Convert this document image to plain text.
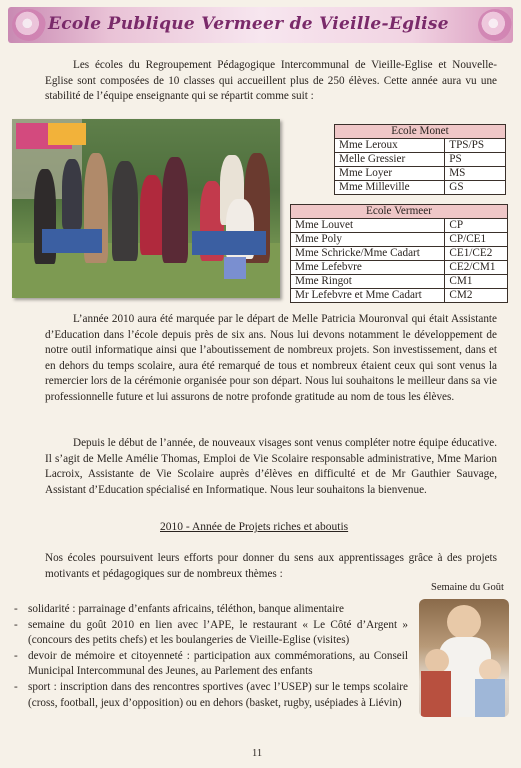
Ecole Publique Vermeer de Vieille-Eglise
Les écoles du Regroupement Pédagogique Intercommunal de Vieille-Eglise et Nouvelle-Eglise sont composées de 10 classes qui accueillent plus de 250 élèves. Cette année aura vu une stabilité de l’équipe enseignante qui se répartit comme suit :
Ecole Monet	
Mme Leroux	TPS/PS
Melle Gressier	PS
Mme Loyer	MS
Mme Milleville	GS
Ecole Vermeer	
Mme Louvet	CP
Mme Poly	CP/CE1
Mme Schricke/Mme Cadart	CE1/CE2
Mme Lefebvre	CE2/CM1
Mme Ringot	CM1
Mr Lefebvre et Mme Cadart	CM2
L’année 2010 aura été marquée par le départ de Melle Patricia Mouronval qui était Assistante d’Education dans l’école depuis près de six ans. Nous lui devons notamment le développement de notre outil informatique ainsi que l’aboutissement de nombreux projets. Son investissement, dans et en dehors du temps scolaire, aura été remarqué de tous et nombreux étaient ceux qui sont venus la remercier lors de la cérémonie organisée pour son départ. Nous lui souhaitons le meilleur dans sa vie professionnelle future et lui assurons de notre profonde gratitude au nom de tous les élèves.
Depuis le début de l’année, de nouveaux visages sont venus compléter notre équipe éducative. Il s’agit de Melle Amélie Thomas, Emploi de Vie Scolaire responsable administrative, Mme Marion Lacroix, Assistante de Vie Scolaire auprès d’élèves en difficulté et de Mr Gauthier Sauvage, Assistant d’Education spécialisé en Informatique. Nous leur souhaitons la bienvenue.
2010 - Année de Projets riches et aboutis
Nos écoles poursuivent leurs efforts pour donner du sens aux apprentissages grâce à des projets motivants et pédagogiques sur de nombreux thèmes :
- solidarité : parrainage d’enfants africains, téléthon, banque alimentaire
- semaine du goût 2010 en lien avec l’APE, le restaurant « Le Côté d’Argent » (concours des petits chefs) et les boulangeries de Vieille-Eglise (visites)
- devoir de mémoire et citoyenneté : participation aux commémorations, au Conseil Municipal Intercommunal des Jeunes, au Parlement des enfants
- sport : inscription dans des rencontres sportives (avec l’USEP) sur le temps scolaire (cross, football, jeux d’opposition) ou en dehors (basket, rugby, usépiades à Liévin)
Semaine du Goût
11
